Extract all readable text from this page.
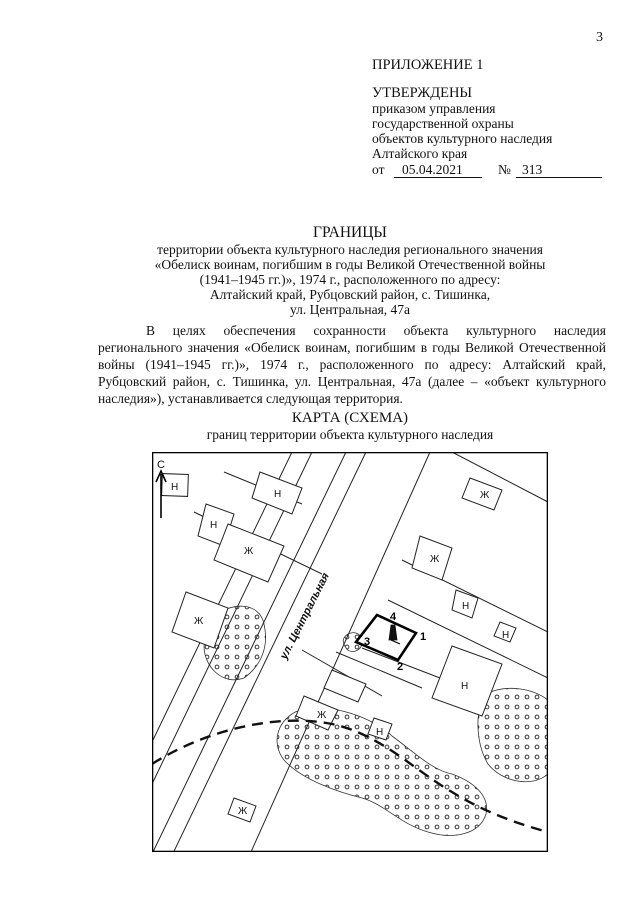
3
ПРИЛОЖЕНИЕ 1
УТВЕРЖДЕНЫ
приказом управления
государственной охраны
объектов культурного наследия
Алтайского края
от 05.04.2021	№ 313
ГРАНИЦЫ
территории объекта культурного наследия регионального значения
«Обелиск воинам, погибшим в годы Великой Отечественной войны
(1941–1945 гг.)», 1974 г., расположенного по адресу:
Алтайский край, Рубцовский район, с. Тишинка,
ул. Центральная, 47а
В целях обеспечения сохранности объекта культурного наследия регионального значения «Обелиск воинам, погибшим в годы Великой Отечественной войны (1941–1945 гг.)», 1974 г., расположенного по адресу: Алтайский край, Рубцовский район, с. Тишинка, ул. Центральная, 47а (далее – «объект культурного наследия»), устанавливается следующая территория.
КАРТА (СХЕМА)
границ территории объекта культурного наследия
С
Н
Н
Н
Ж
Ж
Ж
Ж
Н
Н
Н
Ж
Н
Ж
1
2
3
4
ул. Центральная
